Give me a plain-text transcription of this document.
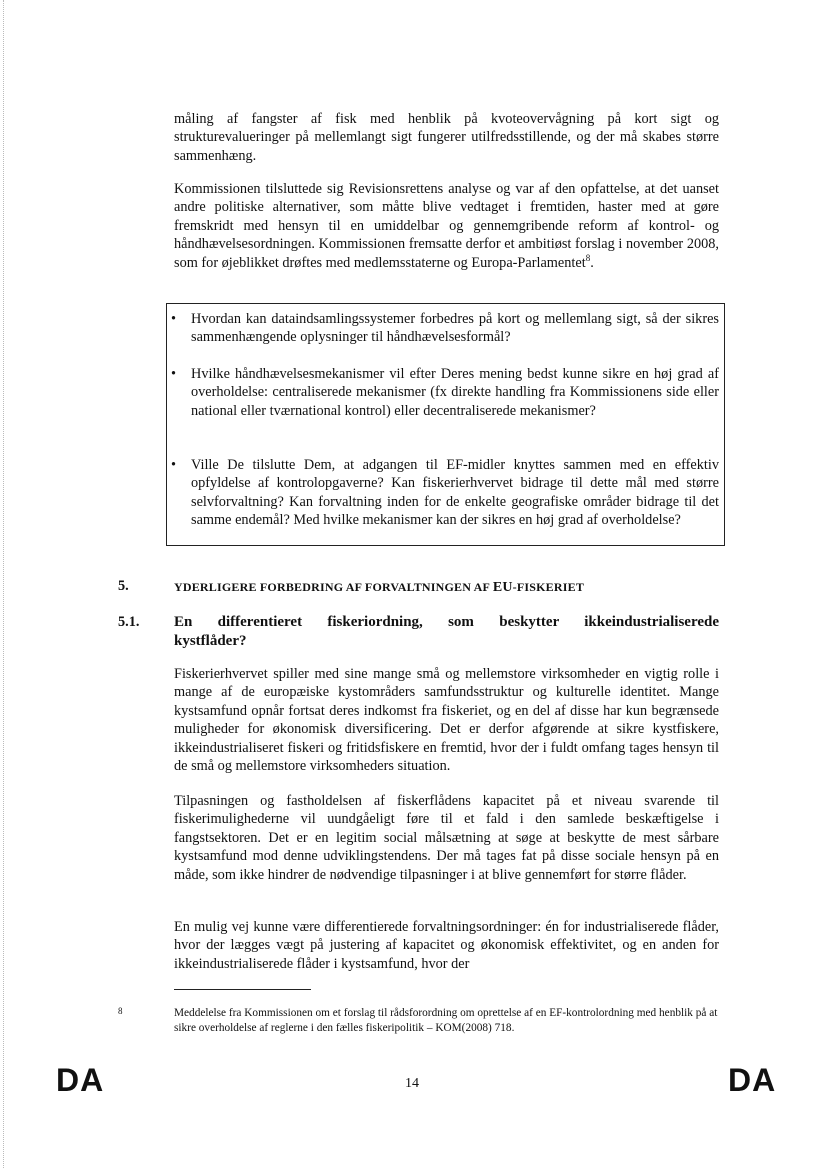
måling af fangster af fisk med henblik på kvoteovervågning på kort sigt og strukturevalueringer på mellemlangt sigt fungerer utilfredsstillende, og der må skabes større sammenhæng.

Kommissionen tilsluttede sig Revisionsrettens analyse og var af den opfattelse, at det uanset andre politiske alternativer, som måtte blive vedtaget i fremtiden, haster med at gøre fremskridt med hensyn til en umiddelbar og gennemgribende reform af kontrol- og håndhævelsesordningen. Kommissionen fremsatte derfor et ambitiøst forslag i november 2008, som for øjeblikket drøftes med medlemsstaterne og Europa-Parlamentet$^8$.

• Hvordan kan dataindsamlingssystemer forbedres på kort og mellemlang sigt, så der sikres sammenhængende oplysninger til håndhævelsesformål?
• Hvilke håndhævelsesmekanismer vil efter Deres mening bedst kunne sikre en høj grad af overholdelse: centraliserede mekanismer (fx direkte handling fra Kommissionens side eller national eller tværnational kontrol) eller decentraliserede mekanismer?
• Ville De tilslutte Dem, at adgangen til EF-midler knyttes sammen med en effektiv opfyldelse af kontrolopgaverne? Kan fiskerierhvervet bidrage til dette mål med større selvforvaltning? Kan forvaltning inden for de enkelte geografiske områder bidrage til det samme endemål? Med hvilke mekanismer kan der sikres en høj grad af overholdelse?
5.	YDERLIGERE FORBEDRING AF FORVALTNINGEN AF EU-FISKERIET
5.1. En differentieret fiskeriordning, som beskytter ikkeindustrialiserede kystflåder?

Fiskerierhvervet spiller med sine mange små og mellemstore virksomheder en vigtig rolle i mange af de europæiske kystområders samfundsstruktur og kulturelle identitet. Mange kystsamfund opnår fortsat deres indkomst fra fiskeriet, og en del af disse har kun begrænsede muligheder for økonomisk diversificering. Det er derfor afgørende at sikre kystfiskere, ikkeindustrialiseret fiskeri og fritidsfiskere en fremtid, hvor der i fuldt omfang tages hensyn til de små og mellemstore virksomheders situation.

Tilpasningen og fastholdelsen af fiskerflådens kapacitet på et niveau svarende til fiskerimulighederne vil uundgåeligt føre til et fald i den samlede beskæftigelse i fangstsektoren. Det er en legitim social målsætning at søge at beskytte de mest sårbare kystsamfund mod denne udviklingstendens. Der må tages fat på disse sociale hensyn på en måde, som ikke hindrer de nødvendige tilpasninger i at blive gennemført for større flåder.

En mulig vej kunne være differentierede forvaltningsordninger: én for industrialiserede flåder, hvor der lægges vægt på justering af kapacitet og økonomisk effektivitet, og en anden for ikkeindustrialiserede flåder i kystsamfund, hvor der

8	Meddelelse fra Kommissionen om et forslag til rådsforordning om oprettelse af en EF-kontrolordning med henblik på at sikre overholdelse af reglerne i den fælles fiskeripolitik – KOM(2008) 718.
DA	14	DA
